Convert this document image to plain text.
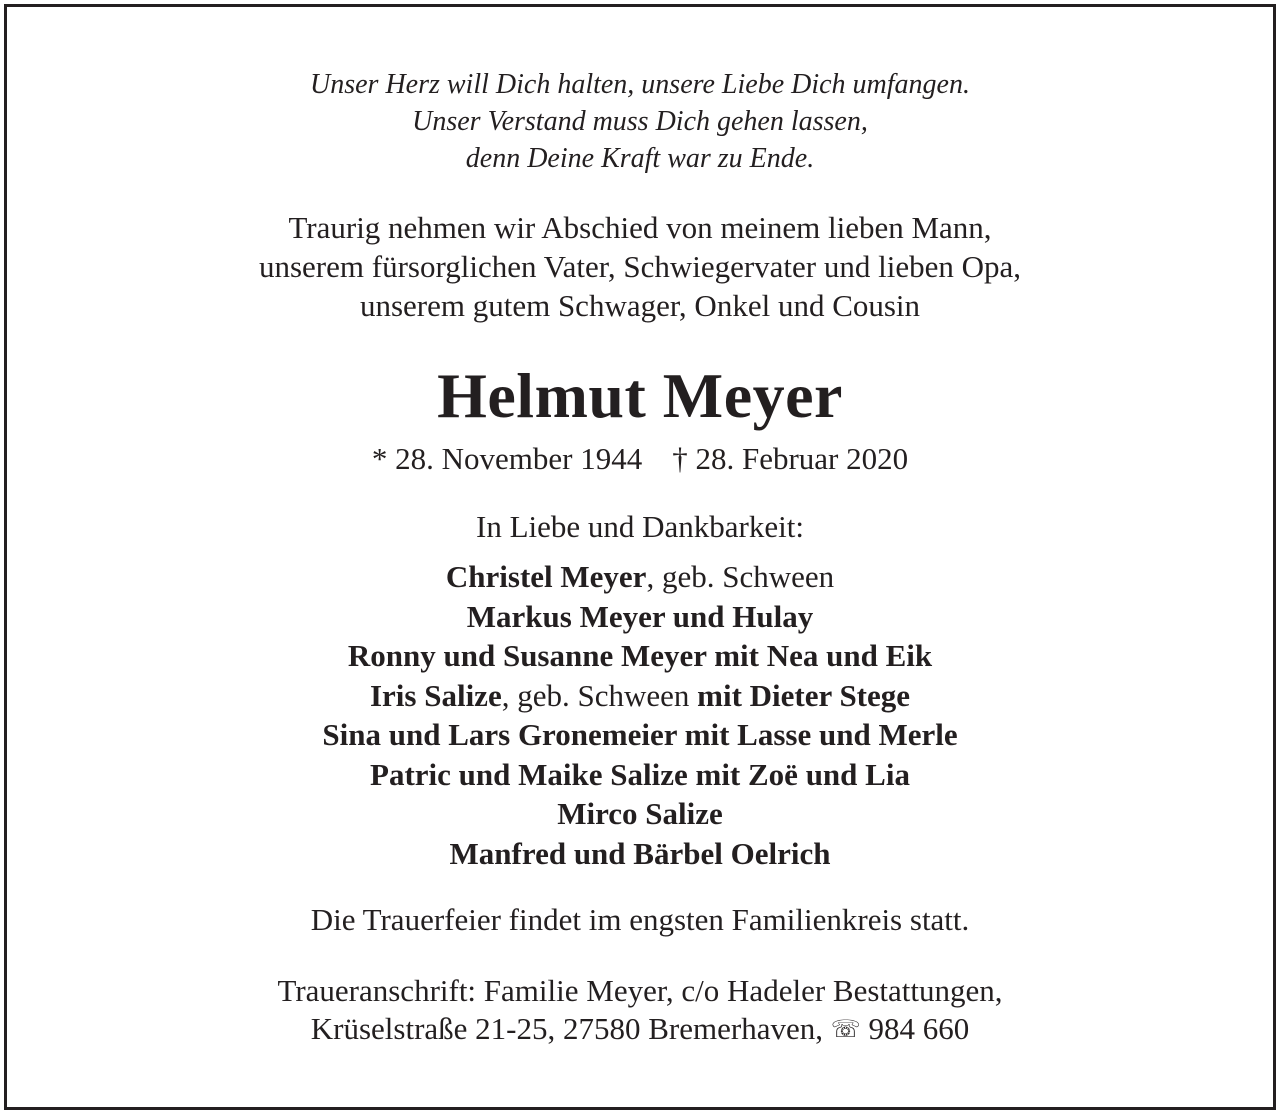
Unser Herz will Dich halten, unsere Liebe Dich umfangen.
Unser Verstand muss Dich gehen lassen,
denn Deine Kraft war zu Ende.
Traurig nehmen wir Abschied von meinem lieben Mann,
unserem fürsorglichen Vater, Schwiegervater und lieben Opa,
unserem gutem Schwager, Onkel und Cousin
Helmut Meyer
* 28. November 1944 † 28. Februar 2020
In Liebe und Dankbarkeit:
Christel Meyer, geb. Schween
Markus Meyer und Hulay
Ronny und Susanne Meyer mit Nea und Eik
Iris Salize, geb. Schween mit Dieter Stege
Sina und Lars Gronemeier mit Lasse und Merle
Patric und Maike Salize mit Zoë und Lia
Mirco Salize
Manfred und Bärbel Oelrich
Die Trauerfeier findet im engsten Familienkreis statt.
Traueranschrift: Familie Meyer, c/o Hadeler Bestattungen,
Krüselstraße 21-25, 27580 Bremerhaven, ☏ 984 660
